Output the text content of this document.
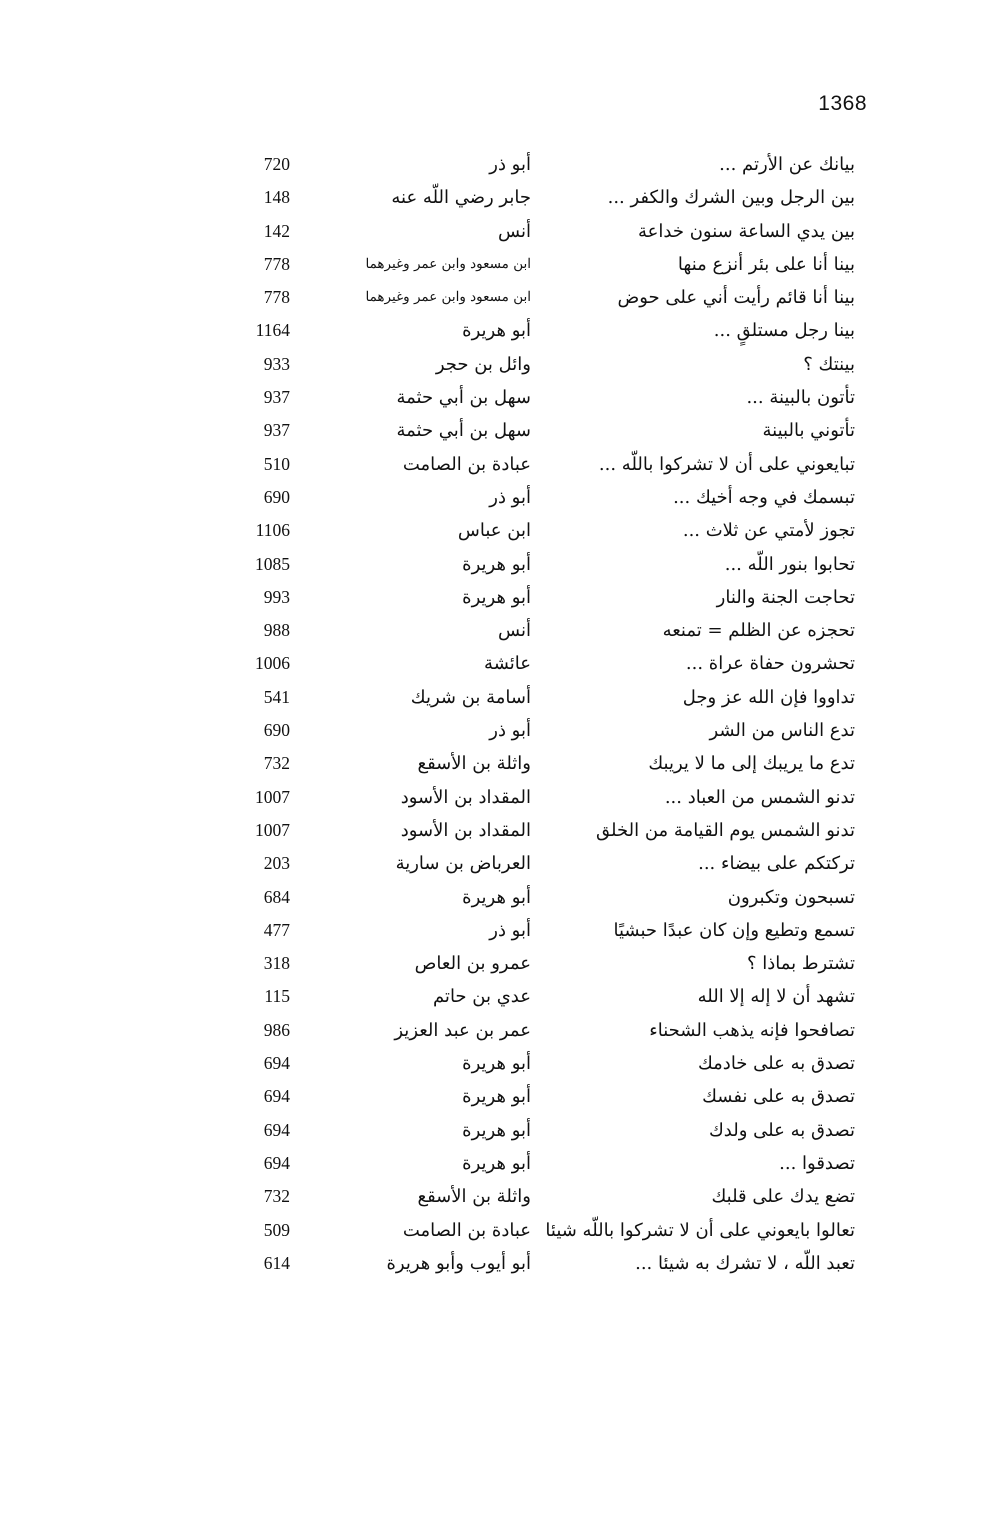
1368
بيانك عن الأرتم ...
أبو ذر
720
بين الرجل وبين الشرك والكفر ...
جابر رضي اللّه عنه
148
بين يدي الساعة سنون خداعة
أنس
142
بينا أنا على بئر أنزع منها
ابن مسعود وابن عمر وغيرهما
778
بينا أنا قائم رأيت أني على حوض
ابن مسعود وابن عمر وغيرهما
778
بينا رجل مستلقٍ ...
أبو هريرة
1164
بينتك ؟
وائل بن حجر
933
تأتون بالبينة ...
سهل بن أبي حثمة
937
تأتوني بالبينة
سهل بن أبي حثمة
937
تبايعوني على أن لا تشركوا باللّه ...
عبادة بن الصامت
510
تبسمك في وجه أخيك ...
أبو ذر
690
تجوز لأمتي عن ثلاث ...
ابن عباس
1106
تحابوا بنور اللّه ...
أبو هريرة
1085
تحاجت الجنة والنار
أبو هريرة
993
تحجزه عن الظلم = تمنعه
أنس
988
تحشرون حفاة عراة ...
عائشة
1006
تداووا فإن الله عز وجل
أسامة بن شريك
541
تدع الناس من الشر
أبو ذر
690
تدع ما يريبك إلى ما لا يريبك
واثلة بن الأسقع
732
تدنو الشمس من العباد ...
المقداد بن الأسود
1007
تدنو الشمس يوم القيامة من الخلق
المقداد بن الأسود
1007
تركتكم على بيضاء ...
العرباض بن سارية
203
تسبحون وتكبرون
أبو هريرة
684
تسمع وتطيع وإن كان عبدًا حبشيًا
أبو ذر
477
تشترط بماذا ؟
عمرو بن العاص
318
تشهد أن لا إله إلا الله
عدي بن حاتم
115
تصافحوا فإنه يذهب الشحناء
عمر بن عبد العزيز
986
تصدق به على خادمك
أبو هريرة
694
تصدق به على نفسك
أبو هريرة
694
تصدق به على ولدك
أبو هريرة
694
تصدقوا ...
أبو هريرة
694
تضع يدك على قلبك
واثلة بن الأسقع
732
تعالوا بايعوني على أن لا تشركوا باللّه شيئا
عبادة بن الصامت
509
تعبد اللّه ، لا تشرك به شيئا ...
أبو أيوب وأبو هريرة
614
